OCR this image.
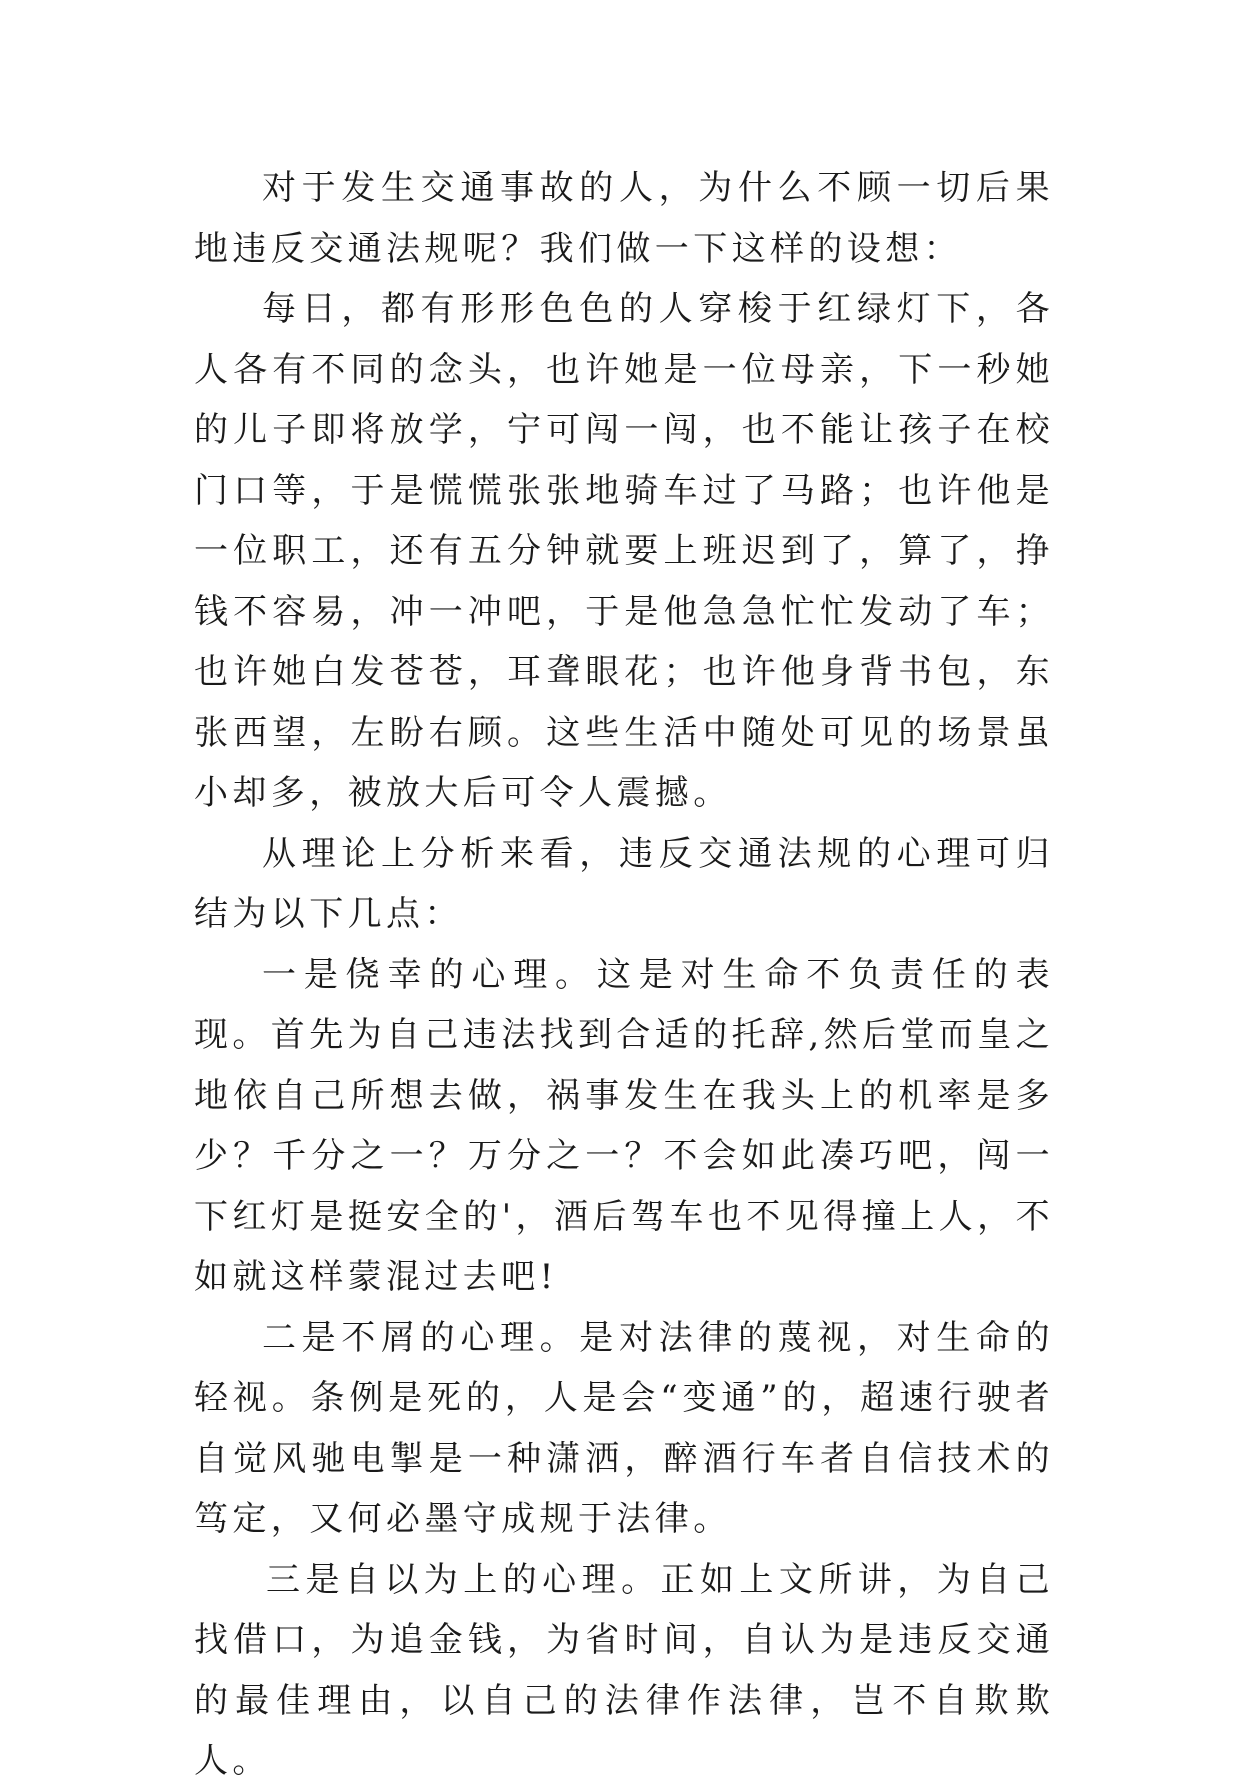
对于发生交通事故的人，为什么不顾一切后果地违反交通法规呢？我们做一下这样的设想：

每日，都有形形色色的人穿梭于红绿灯下，各人各有不同的念头，也许她是一位母亲，下一秒她的儿子即将放学，宁可闯一闯，也不能让孩子在校门口等，于是慌慌张张地骑车过了马路；也许他是一位职工，还有五分钟就要上班迟到了，算了，挣钱不容易，冲一冲吧，于是他急急忙忙发动了车；也许她白发苍苍，耳聋眼花；也许他身背书包，东张西望，左盼右顾。这些生活中随处可见的场景虽小却多，被放大后可令人震撼。

从理论上分析来看，违反交通法规的心理可归结为以下几点：

一是侥幸的心理。这是对生命不负责任的表现。首先为自己违法找到合适的托辞,然后堂而皇之地依自己所想去做，祸事发生在我头上的机率是多少？千分之一？万分之一？不会如此凑巧吧，闯一下红灯是挺安全的'，酒后驾车也不见得撞上人，不如就这样蒙混过去吧!

二是不屑的心理。是对法律的蔑视，对生命的轻视。条例是死的，人是会“变通”的，超速行驶者自觉风驰电掣是一种潇洒，醉酒行车者自信技术的笃定，又何必墨守成规于法律。

三是自以为上的心理。正如上文所讲，为自己找借口，为追金钱，为省时间，自认为是违反交通的最佳理由，以自己的法律作法律，岂不自欺欺人。
